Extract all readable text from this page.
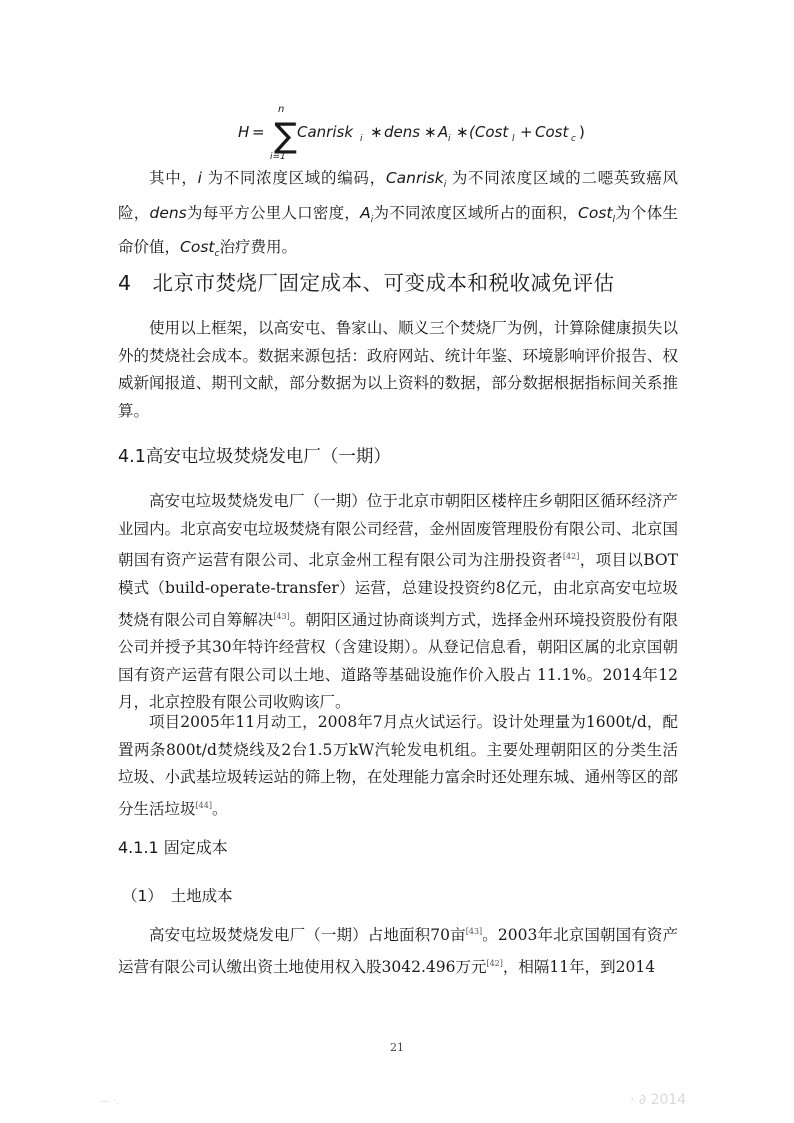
H =
n
∑
i=1
Canrisk i ∗ dens ∗ A i ∗ (Cost l + Cost c )
其中，i 为不同浓度区域的编码，Canrisk$_i$ 为不同浓度区域的二噁英致癌风险，dens为每平方公里人口密度，$A_i$为不同浓度区域所占的面积，Cost$_l$为个体生命价值，Cost$_c$治疗费用。
4　北京市焚烧厂固定成本、可变成本和税收减免评估
使用以上框架，以高安屯、鲁家山、顺义三个焚烧厂为例，计算除健康损失以外的焚烧社会成本。数据来源包括：政府网站、统计年鉴、环境影响评价报告、权威新闻报道、期刊文献，部分数据为以上资料的数据，部分数据根据指标间关系推算。
4.1高安屯垃圾焚烧发电厂（一期）
高安屯垃圾焚烧发电厂（一期）位于北京市朝阳区楼梓庄乡朝阳区循环经济产业园内。北京高安屯垃圾焚烧有限公司经营，金州固废管理股份有限公司、北京国朝国有资产运营有限公司、北京金州工程有限公司为注册投资者[42]，项目以BOT模式（build-operate-transfer）运营，总建设投资约8亿元，由北京高安屯垃圾焚烧有限公司自筹解决[43]。朝阳区通过协商谈判方式，选择金州环境投资股份有限公司并授予其30年特许经营权（含建设期）。从登记信息看，朝阳区属的北京国朝国有资产运营有限公司以土地、道路等基础设施作价入股占 11.1%。2014年12月，北京控股有限公司收购该厂。
项目2005年11月动工，2008年7月点火试运行。设计处理量为1600t/d，配置两条800t/d焚烧线及2台1.5万kW汽轮发电机组。主要处理朝阳区的分类生活垃圾、小武基垃圾转运站的筛上物，在处理能力富余时还处理东城、通州等区的部分生活垃圾[44]。
4.1.1 固定成本
（1）　土地成本
高安屯垃圾焚烧发电厂（一期）占地面积70亩[43]。2003年北京国朝国有资产运营有限公司认缴出资土地使用权入股3042.496万元[42]，相隔11年，到2014
21
— ·.	· ∂ 2014
